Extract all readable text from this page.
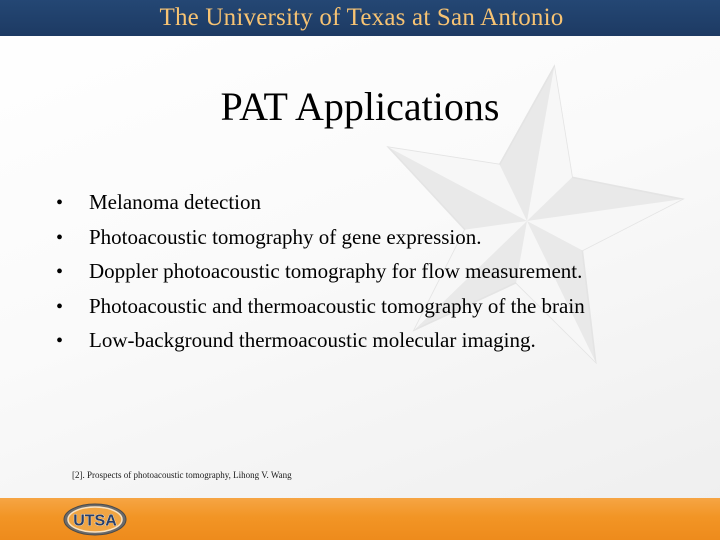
The University of Texas at San Antonio
PAT Applications
•	Melanoma detection
•	Photoacoustic tomography of gene expression.
•	Doppler photoacoustic tomography for flow measurement.
•	Photoacoustic and thermoacoustic tomography of the brain
•	Low-background thermoacoustic molecular imaging.
[2]. Prospects of photoacoustic tomography, Lihong V. Wang
UTSA
